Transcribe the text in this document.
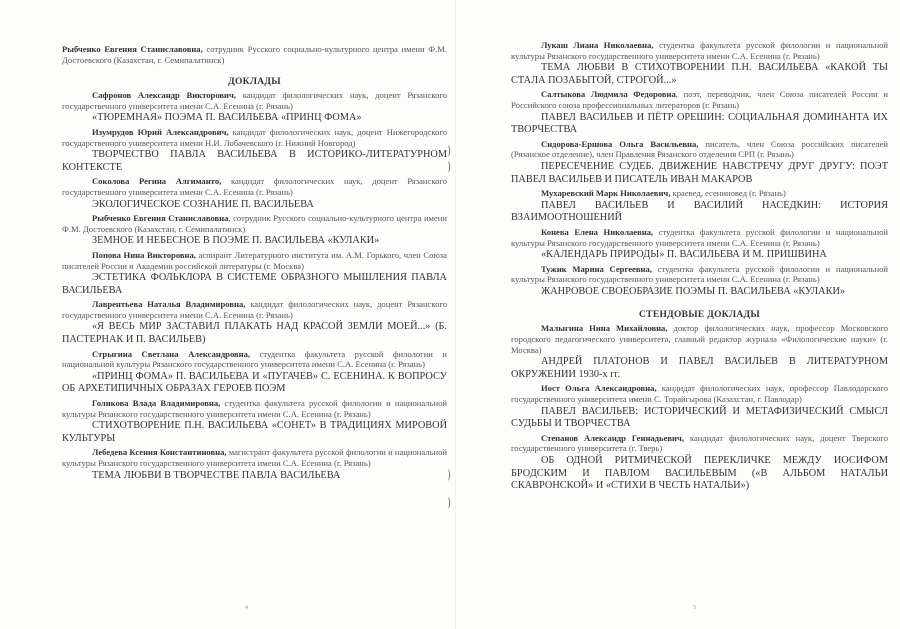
Рыбченко Евгения Станиславовна, сотрудник Русского социально-культурного центра имени Ф.М. Достоевского (Казахстан, г. Семипалатинск)

ДОКЛАДЫ

Сафронов Александр Викторович, кандидат филологических наук, доцент Рязанского государственного университета имени С.А. Есенина (г. Рязань)

«ТЮРЕМНАЯ» ПОЭМА П. ВАСИЛЬЕВА «ПРИНЦ ФОМА»

Изумрудов Юрий Александрович, кандидат филологических наук, доцент Нижегородского государственного университета имени Н.И. Лобачевского (г. Нижний Новгород)

ТВОРЧЕСТВО ПАВЛА ВАСИЛЬЕВА В ИСТОРИКО-ЛИТЕРАТУРНОМ КОНТЕКСТЕ

Соколова Регина Алгимантo, кандидат филологических наук, доцент Рязанского государственного университета имени С.А. Есенина (г. Рязань)

ЭКОЛОГИЧЕСКОЕ СОЗНАНИЕ П. ВАСИЛЬЕВА

Рыбченко Евгения Станиславовна, сотрудник Русского социально-культурного центра имени Ф.М. Достоевского (Казахстан, г. Семипалатинск)

ЗЕМНОЕ И НЕБЕСНОЕ В ПОЭМЕ П. ВАСИЛЬЕВА «КУЛАКИ»

Попова Нина Викторовна, аспирант Литературного института им. А.М. Горького, член Союза писателей России и Академии российской литературы (г. Москва)

ЭСТЕТИКА ФОЛЬКЛОРА В СИСТЕМЕ ОБРАЗНОГО МЫШЛЕНИЯ ПАВЛА ВАСИЛЬЕВА

Лаврентьева Наталья Владимировна, кандидат филологических наук, доцент Рязанского государственного университета имени С.А. Есенина (г. Рязань)

«Я ВЕСЬ МИР ЗАСТАВИЛ ПЛАКАТЬ НАД КРАСОЙ ЗЕМЛИ МОЕЙ...» (Б. ПАСТЕРНАК И П. ВАСИЛЬЕВ)

Стрыгина Светлана Александровна, студентка факультета русской филологии и национальной культуры Рязанского государственного университета имени С.А. Есенина (г. Рязань)

«ПРИНЦ ФОМА» П. ВАСИЛЬЕВА И «ПУГАЧЕВ» С. ЕСЕНИНА. К ВОПРОСУ ОБ АРХЕТИПИЧНЫХ ОБРАЗАХ ГЕРОЕВ ПОЭМ

Голикова Влада Владимировна, студентка факультета русской филологии и национальной культуры Рязанского государственного университета имени С.А. Есенина (г. Рязань)

СТИХОТВОРЕНИЕ П.Н. ВАСИЛЬЕВА «СОНЕТ» В ТРАДИЦИЯХ МИРОВОЙ КУЛЬТУРЫ

Лебедева Ксения Константиновна, магистрант факультета русской филологии и национальной культуры Рязанского государственного университета имени С.А. Есенина (г. Рязань)

ТЕМА ЛЮБВИ В ТВОРЧЕСТВЕ ПАВЛА ВАСИЛЬЕВА

4
)
)
)
)

Лукаш Лиана Николаевна, студентка факультета русской филологии и национальной культуры Рязанского государственного университета имени С.А. Есенина (г. Рязань)

ТЕМА ЛЮБВИ В СТИХОТВОРЕНИИ П.Н. ВАСИЛЬЕВА «КАКОЙ ТЫ СТАЛА ПОЗАБЫТОЙ, СТРОГОЙ...»

Салтыкова Людмила Федоровна, поэт, переводчик, член Союза писателей России и Российского союза профессиональных литераторов (г. Рязань)

ПАВЕЛ ВАСИЛЬЕВ И ПЁТР ОРЕШИН: СОЦИАЛЬНАЯ ДОМИНАНТА ИХ ТВОРЧЕСТВА

Сидорова-Ершова Ольга Васильевна, писатель, член Союза российских писателей (Рязанское отделение), член Правления Рязанского отделения СРП (г. Рязань)

ПЕРЕСЕЧЕНИЕ СУДЕБ. ДВИЖЕНИЕ НАВСТРЕЧУ ДРУГ ДРУГУ: ПОЭТ ПАВЕЛ ВАСИЛЬЕВ И ПИСАТЕЛЬ ИВАН МАКАРОВ

Мухаревский Марк Николаевич, краевед, есениновед (г. Рязань)

ПАВЕЛ ВАСИЛЬЕВ И ВАСИЛИЙ НАСЕДКИН: ИСТОРИЯ ВЗАИМООТНОШЕНИЙ

Конева Елена Николаевна, студентка факультета русской филологии и национальной культуры Рязанского государственного университета имени С.А. Есенина (г. Рязань)

«КАЛЕНДАРЬ ПРИРОДЫ» П. ВАСИЛЬЕВА И М. ПРИШВИНА

Тужик Марина Сергеевна, студентка факультета русской филологии и национальной культуры Рязанского государственного университета имени С.А. Есенина (г. Рязань)

ЖАНРОВОЕ СВОЕОБРАЗИЕ ПОЭМЫ П. ВАСИЛЬЕВА «КУЛАКИ»

СТЕНДОВЫЕ ДОКЛАДЫ

Малыгина Нина Михайловна, доктор филологических наук, профессор Московского городского педагогического университета, главный редактор журнала «Филологические науки» (г. Москва)

АНДРЕЙ ПЛАТОНОВ И ПАВЕЛ ВАСИЛЬЕВ В ЛИТЕРАТУРНОМ ОКРУЖЕНИИ 1930-х гг.

Иост Ольга Александровна, кандидат филологических наук, профессор Павлодарского государственного университета имени С. Торайгырова (Казахстан, г. Павлодар)

ПАВЕЛ ВАСИЛЬЕВ: ИСТОРИЧЕСКИЙ И МЕТАФИЗИЧЕСКИЙ СМЫСЛ СУДЬБЫ И ТВОРЧЕСТВА

Степанов Александр Геннадьевич, кандидат филологических наук, доцент Тверского государственного университета (г. Тверь)

ОБ ОДНОЙ РИТМИЧЕСКОЙ ПЕРЕКЛИЧКЕ МЕЖДУ ИОСИФОМ БРОДСКИМ И ПАВЛОМ ВАСИЛЬЕВЫМ («В АЛЬБОМ НАТАЛЬИ СКАВРОНСКОЙ» И «СТИХИ В ЧЕСТЬ НАТАЛЬИ»)

5
